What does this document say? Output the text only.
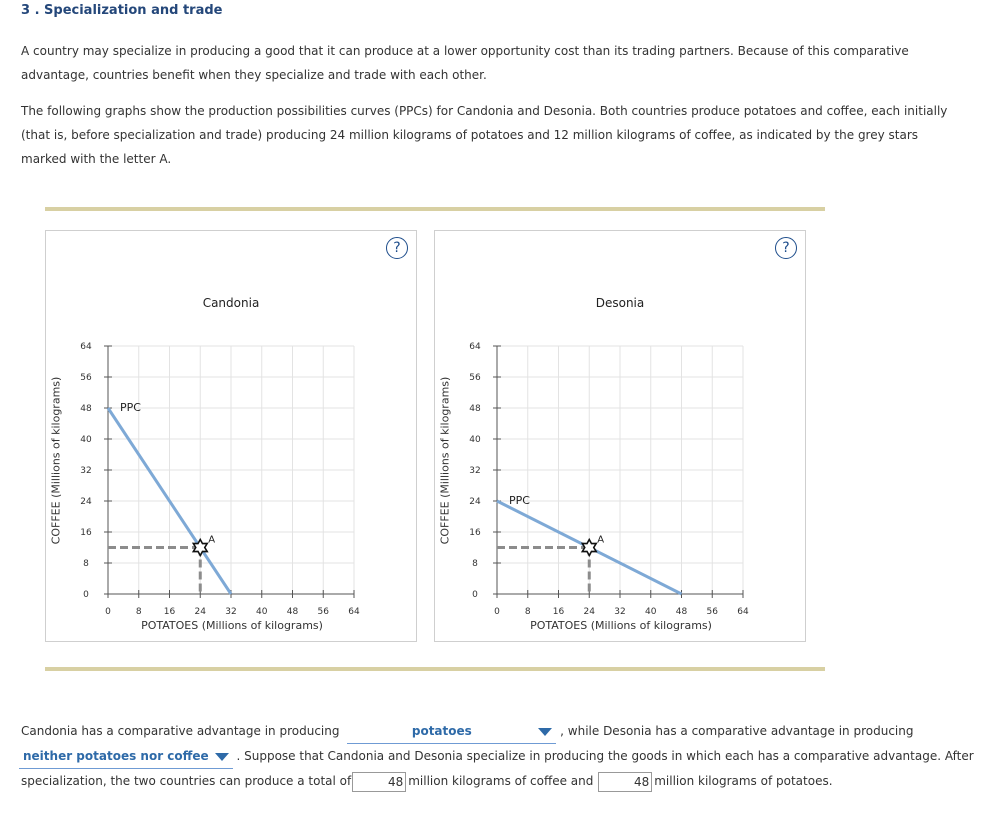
3 . Specialization and trade
A country may specialize in producing a good that it can produce at a lower opportunity cost than its trading partners. Because of this comparative advantage, countries benefit when they specialize and trade with each other.
The following graphs show the production possibilities curves (PPCs) for Candonia and Desonia. Both countries produce potatoes and coffee, each initially (that is, before specialization and trade) producing 24 million kilograms of potatoes and 12 million kilograms of coffee, as indicated by the grey stars marked with the letter A.
?
Candonia
COFFEE (Millions of kilograms)
POTATOES (Millions of kilograms)
0	8 16 24 32 40 48 56 64
0
8
16
24
32
40
48
56
64
PPC
A
?
Desonia
COFFEE (Millions of kilograms)
POTATOES (Millions of kilograms)
0	8 16 24 32 40 48 56 64
0
8
16
24
32
40
48
56
64
PPC
A
Candonia has a comparative advantage in producing	potatoes	, while Desonia has a comparative advantage in producing neither potatoes nor coffee . Suppose that Candonia and Desonia specialize in producing the goods in which each has a comparative advantage. After specialization, the two countries can produce a total of	48 million kilograms of coffee and	48 million kilograms of potatoes.
